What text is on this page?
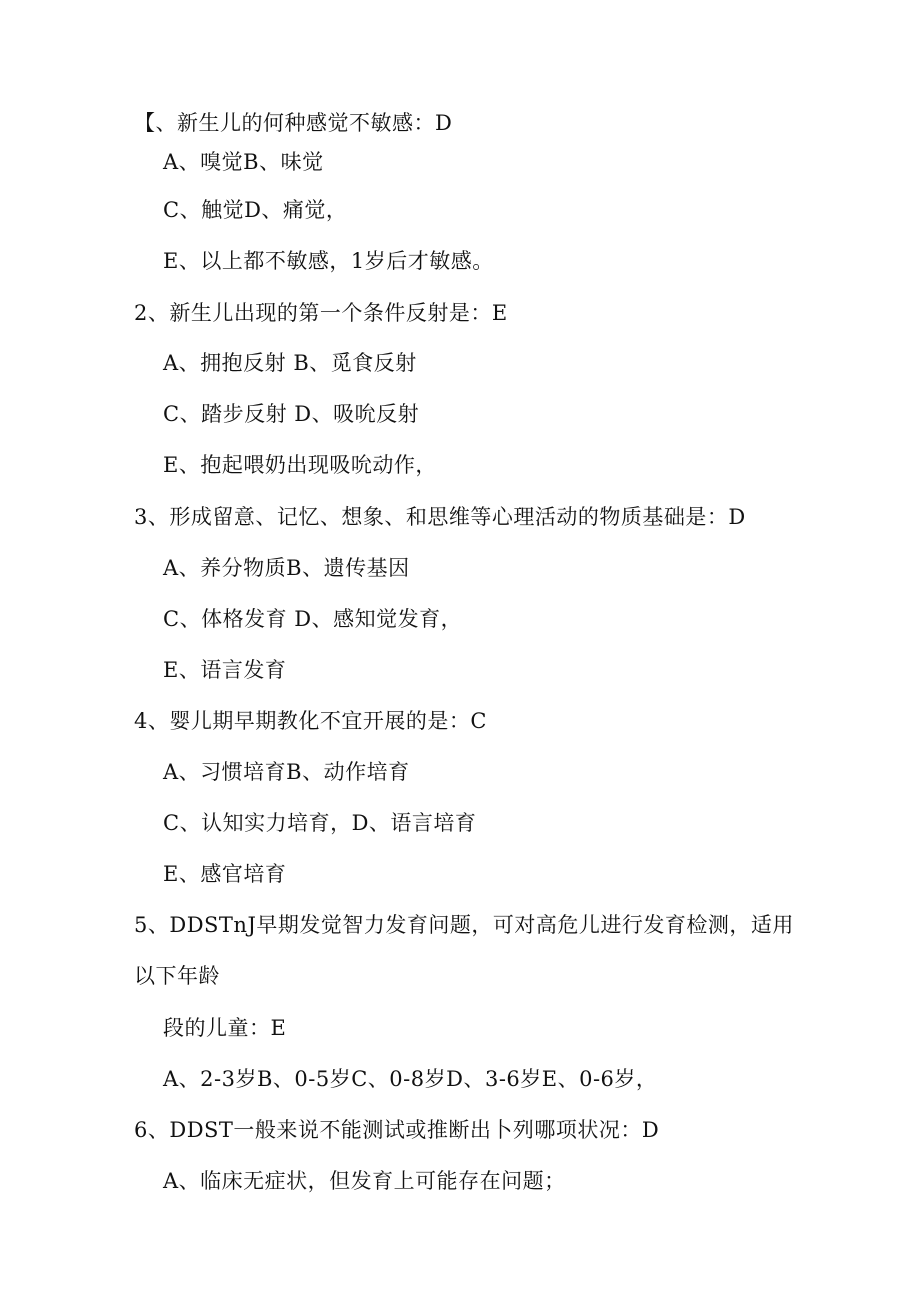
【、新生儿的何种感觉不敏感：D
A、嗅觉B、味觉
C、触觉D、痛觉，
E、以上都不敏感，1岁后才敏感。
2、新生儿出现的第一个条件反射是：E
A、拥抱反射 B、觅食反射
C、踏步反射 D、吸吮反射
E、抱起喂奶出现吸吮动作，
3、形成留意、记忆、想象、和思维等心理活动的物质基础是：D
A、养分物质B、遗传基因
C、体格发育 D、感知觉发育，
E、语言发育
4、婴儿期早期教化不宜开展的是：C
A、习惯培育B、动作培育
C、认知实力培育，D、语言培育
E、感官培育
5、DDSTnJ早期发觉智力发育问题，可对高危儿进行发育检测，适用
以下年龄
段的儿童：E
A、2-3岁B、0-5岁C、0-8岁D、3-6岁E、0-6岁，
6、DDST一般来说不能测试或推断出卜列哪项状况：D
A、临床无症状，但发育上可能存在问题；
